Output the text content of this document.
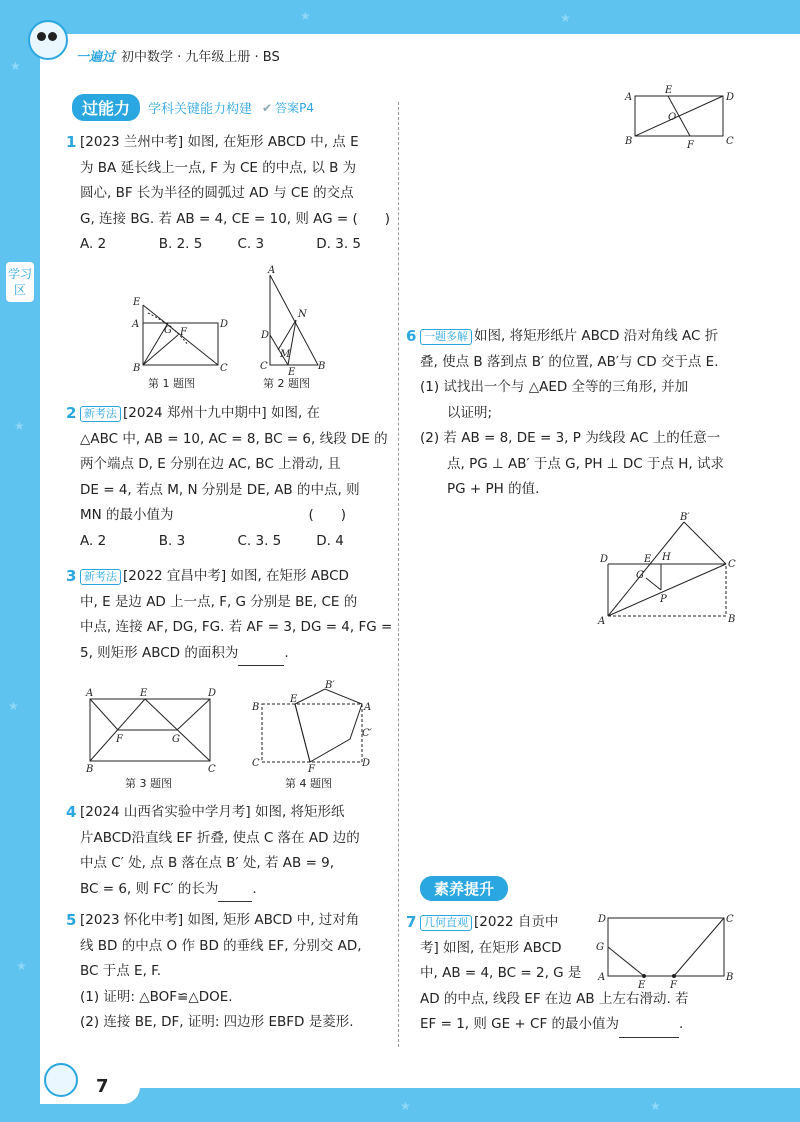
学习区
一遍过 初中数学 · 九年级上册 · BS
过能力	学科关键能力构建 ✔ 答案P4
1 [2023 兰州中考] 如图, 在矩形 ABCD 中, 点 E
为 BA 延长线上一点, F 为 CE 的中点, 以 B 为
圆心, BF 长为半径的圆弧过 AD 与 CE 的交点
G, 连接 BG. 若 AB = 4, CE = 10, 则 AG = (　　)
A. 2	B. 2. 5	C. 3	D. 3. 5
E
A
B
D
C
G F
A
C	B
D
N
M
E
第 1 题图	第 2 题图
2 新考法 [2024 郑州十九中期中] 如图, 在
△ABC 中, AB = 10, AC = 8, BC = 6, 线段 DE 的
两个端点 D, E 分别在边 AC, BC 上滑动, 且
DE = 4, 若点 M, N 分别是 DE, AB 的中点, 则
MN 的最小值为　　　　　　　　　　(　　)
A. 2	B. 3	C. 3. 5	D. 4
3 新考法 [2022 宜昌中考] 如图, 在矩形 ABCD
中, E 是边 AD 上一点, F, G 分别是 BE, CE 的
中点, 连接 AF, DG, FG. 若 AF = 3, DG = 4, FG =
5, 则矩形 ABCD 的面积为	.
A	E	D
B	C
F	G
B
E
B′
A
C′
C
F
D
第 3 题图	第 4 题图
4 [2024 山西省实验中学月考] 如图, 将矩形纸
片ABCD沿直线 EF 折叠, 使点 C 落在 AD 边的
中点 C′ 处, 点 B 落在点 B′ 处, 若 AB = 9,
BC = 6, 则 FC′ 的长为	.
5 [2023 怀化中考] 如图, 矩形 ABCD 中, 过对角
线 BD 的中点 O 作 BD 的垂线 EF, 分别交 AD,
BC 于点 E, F.
(1) 证明: △BOF≌△DOE.
(2) 连接 BE, DF, 证明: 四边形 EBFD 是菱形.
A
E
D
B	F	C
O
6 一题多解 如图, 将矩形纸片 ABCD 沿对角线 AC 折
叠, 使点 B 落到点 B′ 的位置, AB′与 CD 交于点 E.
(1) 试找出一个与 △AED 全等的三角形, 并加
　　以证明;
(2) 若 AB = 8, DE = 3, P 为线段 AC 上的任意一
　　点, PG ⊥ AB′ 于点 G, PH ⊥ DC 于点 H, 试求
　　PG + PH 的值.
B′
D	E H
C
G
P
A	B
素养提升
7 几何直观 [2022 自贡中
考] 如图, 在矩形 ABCD
中, AB = 4, BC = 2, G 是
AD 的中点, 线段 EF 在边 AB 上左右滑动. 若
EF = 1, 则 GE + CF 的最小值为	.
D
G
A
E F
C
B
7
★
★
★
★
★	★
★	★
